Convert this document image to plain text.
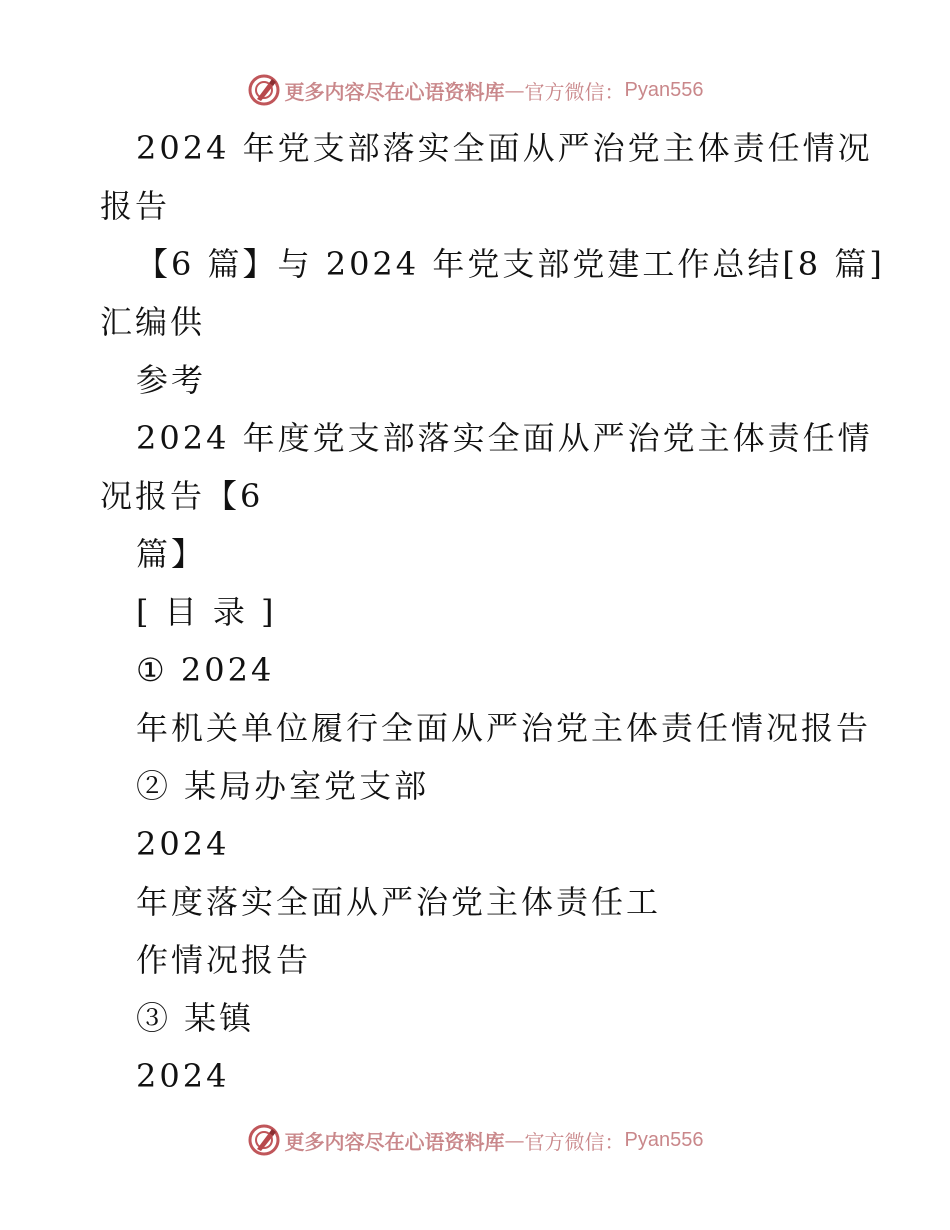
更多内容尽在心语资料库 — 官方微信： Pyan556
2024 年党支部落实全面从严治党主体责任情况
报告
【6 篇】与 2024 年党支部党建工作总结[8 篇]
汇编供
参考
2024 年度党支部落实全面从严治党主体责任情
况报告【6
篇】
[ 目 录 ]
① 2024
年机关单位履行全面从严治党主体责任情况报告
② 某局办室党支部
2024
年度落实全面从严治党主体责任工
作情况报告
③ 某镇
2024
更多内容尽在心语资料库 — 官方微信： Pyan556
